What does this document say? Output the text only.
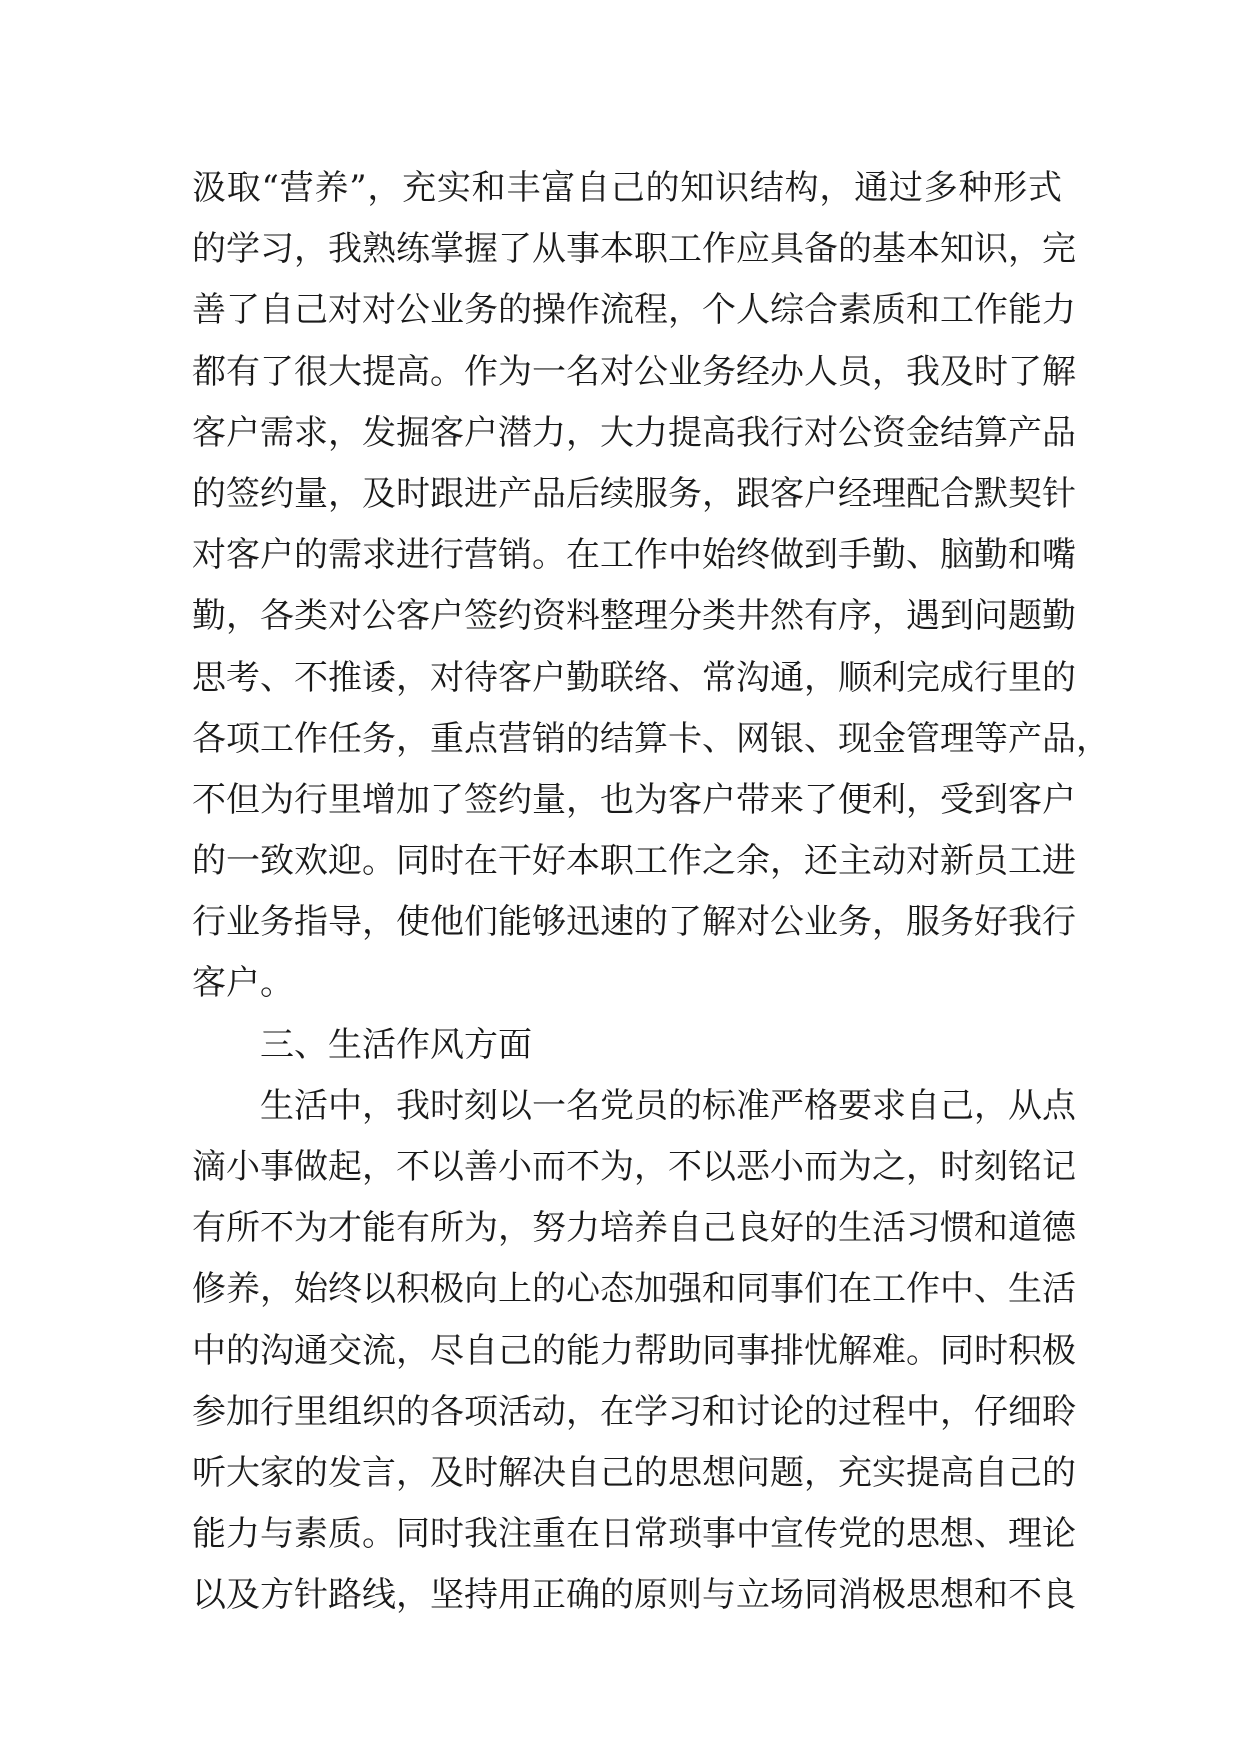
汲取“营养”，充实和丰富自己的知识结构，通过多种形式
的学习，我熟练掌握了从事本职工作应具备的基本知识，完
善了自己对对公业务的操作流程，个人综合素质和工作能力
都有了很大提高。作为一名对公业务经办人员，我及时了解
客户需求，发掘客户潜力，大力提高我行对公资金结算产品
的签约量，及时跟进产品后续服务，跟客户经理配合默契针
对客户的需求进行营销。在工作中始终做到手勤、脑勤和嘴
勤，各类对公客户签约资料整理分类井然有序，遇到问题勤
思考、不推诿，对待客户勤联络、常沟通，顺利完成行里的
各项工作任务，重点营销的结算卡、网银、现金管理等产品，
不但为行里增加了签约量，也为客户带来了便利，受到客户
的一致欢迎。同时在干好本职工作之余，还主动对新员工进
行业务指导，使他们能够迅速的了解对公业务，服务好我行
客户。
三、生活作风方面
生活中，我时刻以一名党员的标准严格要求自己，从点
滴小事做起，不以善小而不为，不以恶小而为之，时刻铭记
有所不为才能有所为，努力培养自己良好的生活习惯和道德
修养，始终以积极向上的心态加强和同事们在工作中、生活
中的沟通交流，尽自己的能力帮助同事排忧解难。同时积极
参加行里组织的各项活动，在学习和讨论的过程中，仔细聆
听大家的发言，及时解决自己的思想问题，充实提高自己的
能力与素质。同时我注重在日常琐事中宣传党的思想、理论
以及方针路线，坚持用正确的原则与立场同消极思想和不良
